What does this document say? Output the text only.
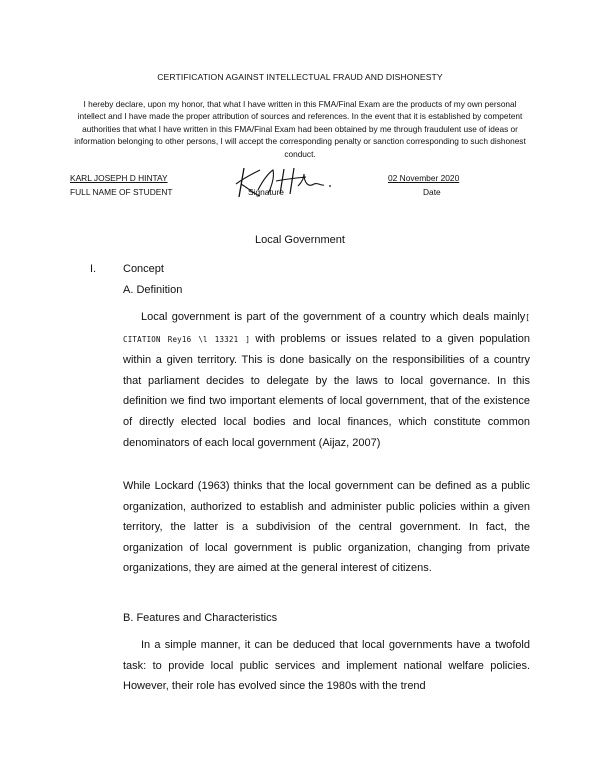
CERTIFICATION AGAINST INTELLECTUAL FRAUD AND DISHONESTY
I hereby declare, upon my honor, that what I have written in this FMA/Final Exam are the products of my own personal intellect and I have made the proper attribution of sources and references. In the event that it is established by competent authorities that what I have written in this FMA/Final Exam had been obtained by me through fraudulent use of ideas or information belonging to other persons, I will accept the corresponding penalty or sanction corresponding to such dishonest conduct.
KARL JOSEPH D HINTAY
FULL NAME OF STUDENT	Signature
02 November 2020
Date
Local Government
I. Concept
A. Definition
Local government is part of the government of a country which deals mainly[ CITATION Rey16 \l 13321 ] with problems or issues related to a given population within a given territory. This is done basically on the responsibilities of a country that parliament decides to delegate by the laws to local governance. In this definition we find two important elements of local government, that of the existence of directly elected local bodies and local finances, which constitute common denominators of each local government (Aijaz, 2007)
While Lockard (1963) thinks that the local government can be defined as a public organization, authorized to establish and administer public policies within a given territory, the latter is a subdivision of the central government. In fact, the organization of local government is public organization, changing from private organizations, they are aimed at the general interest of citizens.
B. Features and Characteristics
In a simple manner, it can be deduced that local governments have a twofold task: to provide local public services and implement national welfare policies. However, their role has evolved since the 1980s with the trend
